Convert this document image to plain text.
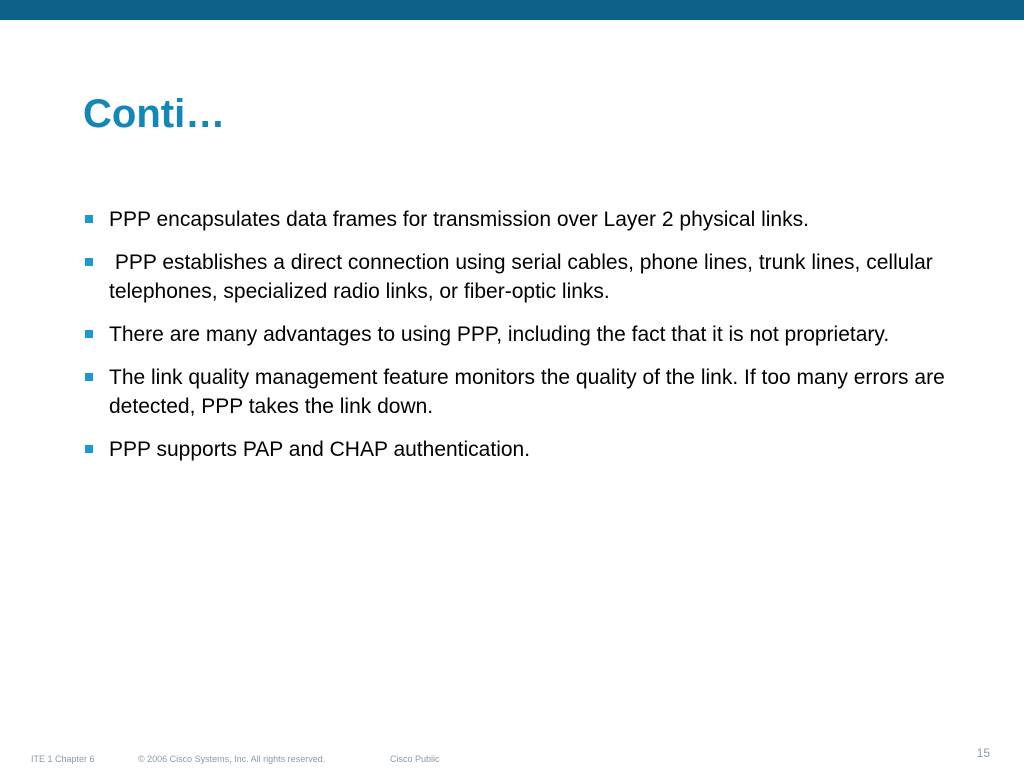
Conti…
PPP encapsulates data frames for transmission over Layer 2 physical links.
PPP establishes a direct connection using serial cables, phone lines, trunk lines, cellular telephones, specialized radio links, or fiber-optic links.
There are many advantages to using PPP, including the fact that it is not proprietary.
The link quality management feature monitors the quality of the link. If too many errors are detected, PPP takes the link down.
PPP supports PAP and CHAP authentication.
ITE 1 Chapter 6	© 2006 Cisco Systems, Inc. All rights reserved.	Cisco Public	15
